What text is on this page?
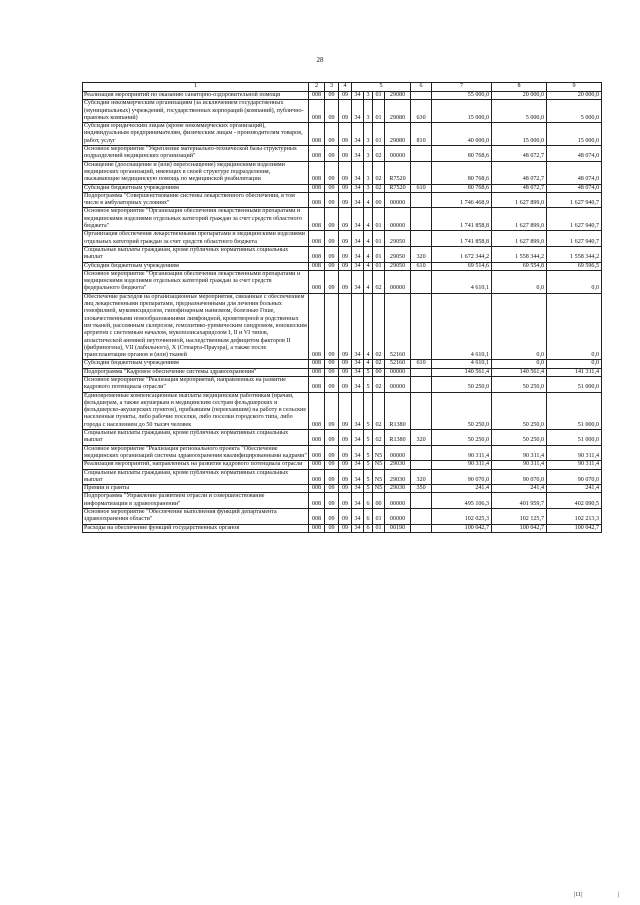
28
1	2	3	4	5				6	7	8	9
Реализация мероприятий по оказанию санаторно-оздоровительной помощи	008	09	09	34	3	01	29080		55 000,0	20 000,0	20 000,0
Субсидии некоммерческим организациям (за исключением государственных (муниципальных) учреждений, государственных корпораций (компаний), публично-правовых компаний)	008	09	09	34	3	01	29080	630	15 000,0	5 000,0	5 000,0
Субсидии юридическим лицам (кроме некоммерческих организаций), индивидуальным предпринимателям, физическим лицам - производителям товаров, работ, услуг	008	09	09	34	3	01	29080	810	40 000,0	15 000,0	15 000,0
Основное мероприятие "Укрепление материально-технической базы структурных подразделений медицинских организаций"	008	09	09	34	3	02	00000		80 768,6	48 072,7	48 074,0
Оснащение (дооснащение и (или) переоснащение) медицинскими изделиями медицинских организаций, имеющих в своей структуре подразделения, оказывающие медицинскую помощь по медицинской реабилитации	008	09	09	34	3	02	R7520		80 768,6	48 072,7	48 074,0
Субсидии бюджетным учреждениям	008	09	09	34	3	02	R7520	610	80 768,6	48 072,7	48 074,0
Подпрограмма "Совершенствование системы лекарственного обеспечения, в том числе в амбулаторных условиях"	008	09	09	34	4	00	00000		1 746 468,9	1 627 899,0	1 627 940,7
Основное мероприятие "Организация обеспечения лекарственными препаратами и медицинскими изделиями отдельных категорий граждан за счет средств областного бюджета"	008	09	09	34	4	01	00000		1 741 858,8	1 627 899,0	1 627 940,7
Организация обеспечения лекарственными препаратами и медицинскими изделиями отдельных категорий граждан за счет средств областного бюджета	008	09	09	34	4	01	29050		1 741 858,8	1 627 899,0	1 627 940,7
Социальные выплаты гражданам, кроме публичных нормативных социальных выплат	008	09	09	34	4	01	29050	320	1 672 344,2	1 558 344,2	1 558 344,2
Субсидии бюджетным учреждениям	008	09	09	34	4	01	29050	610	69 514,6	69 554,8	69 596,5
Основное мероприятие "Организация обеспечения лекарственными препаратами и медицинскими изделиями отдельных категорий граждан за счет средств федерального бюджета"	008	09	09	34	4	02	00000		4 610,1	0,0	0,0
Обеспечение расходов на организационные мероприятия, связанные с обеспечением лиц лекарственными препаратами, предназначенными для лечения больных гемофилией, муковисцидозом, гипофизарным нанизмом, болезнью Гоше, злокачественными новообразованиями лимфоидной, кроветворной и родственных им тканей, рассеянным склерозом, гемолитико-уремическим синдромом, юношеским артритом с системным началом, мукополисахаридозом I, II и VI типов, апластической анемией неуточненной, наследственным дефицитом факторов II (фибриногена), VII (лабильного), X (Стюарта-Прауэра), а также после трансплантации органов и (или) тканей	008	09	09	34	4	02	52160		4 610,1	0,0	0,0
Субсидии бюджетным учреждениям	008	09	09	34	4	02	52160	610	4 610,1	0,0	0,0
Подпрограмма "Кадровое обеспечение системы здравоохранения"	008	09	09	34	5	00	00000		140 561,4	140 561,4	141 311,4
Основное мероприятие "Реализация мероприятий, направленных на развитие кадрового потенциала отрасли"	008	09	09	34	5	02	00000		50 250,0	50 250,0	51 000,0
Единовременные компенсационные выплаты медицинским работникам (врачам, фельдшерам, а также акушеркам и медицинским сестрам фельдшерских и фельдшерско-акушерских пунктов), прибывшим (переехавшим) на работу в сельские населенные пункты, либо рабочие поселки, либо поселки городского типа, либо города с населением до 50 тысяч человек	008	09	09	34	5	02	R1380		50 250,0	50 250,0	51 000,0
Социальные выплаты гражданам, кроме публичных нормативных социальных выплат	008	09	09	34	5	02	R1380	320	50 250,0	50 250,0	51 000,0
Основное мероприятие "Реализация регионального проекта "Обеспечение медицинских организаций системы здравоохранения квалифицированными кадрами"	008	09	09	34	5	N5	00000		90 311,4	90 311,4	90 311,4
Реализация мероприятий, направленных на развитие кадрового потенциала отрасли	008	09	09	34	5	N5	29030		90 311,4	90 311,4	90 311,4
Социальные выплаты гражданам, кроме публичных нормативных социальных выплат	008	09	09	34	5	N5	29030	320	90 070,0	90 070,0	90 070,0
Премии и гранты	008	09	09	34	5	N5	29030	350	241,4	241,4	241,4
Подпрограмма "Управление развитием отрасли и совершенствование информатизации в здравоохранении"	008	09	09	34	6	00	00000		495 106,3	401 959,7	402 090,5
Основное мероприятие "Обеспечение выполнения функций департамента здравоохранения области"	008	09	09	34	6	01	00000		102 025,3	102 125,7	102 213,3
Расходы на обеспечение функций государственных органов	008	09	09	34	6	01	00190		100 042,7	100 042,7	100 042,7
|11|	|
